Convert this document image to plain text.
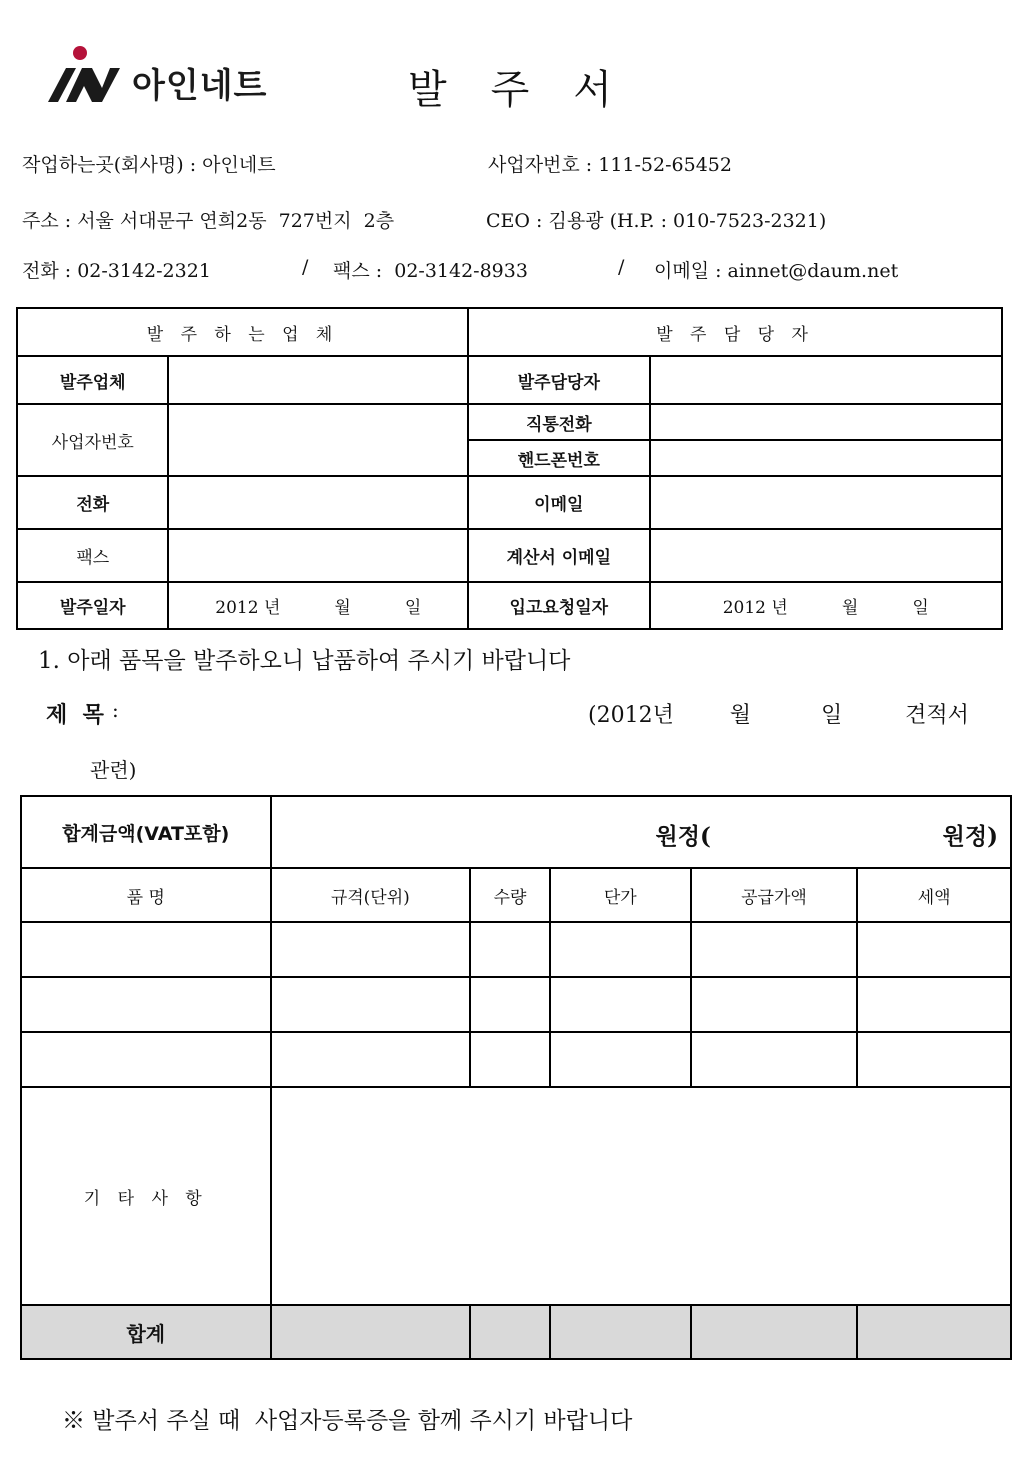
아인네트	발주서
작업하는곳(회사명) : 아인네트	사업자번호 : 111-52-65452
주소 : 서울 서대문구 연희2동  727번지  2층	CEO : 김용광 (H.P. : 010-7523-2321)
전화 : 02-3142-2321	/ 팩스 :  02-3142-8933	/ 이메일 : ainnet@daum.net
발 주 하 는 업 체		발 주 담 당 자	
발주업체		발주담당자	
사업자번호		직통전화	
		핸드폰번호	
전화		이메일	
팩스		계산서 이메일	
발주일자	2012 년          월          일	입고요청일자	2012 년          월          일
1. 아래 품목을 발주하오니 납품하여 주시기 바랍니다
제  목 :	(2012년        월          일         견적서
관련)
합계금액(VAT포함)	원정( 원정)				

품 명	규격(단위)	수량	단가	공급가액	세액

기 타 사 항					
합계					
※ 발주서 주실 때  사업자등록증을 함께 주시기 바랍니다
